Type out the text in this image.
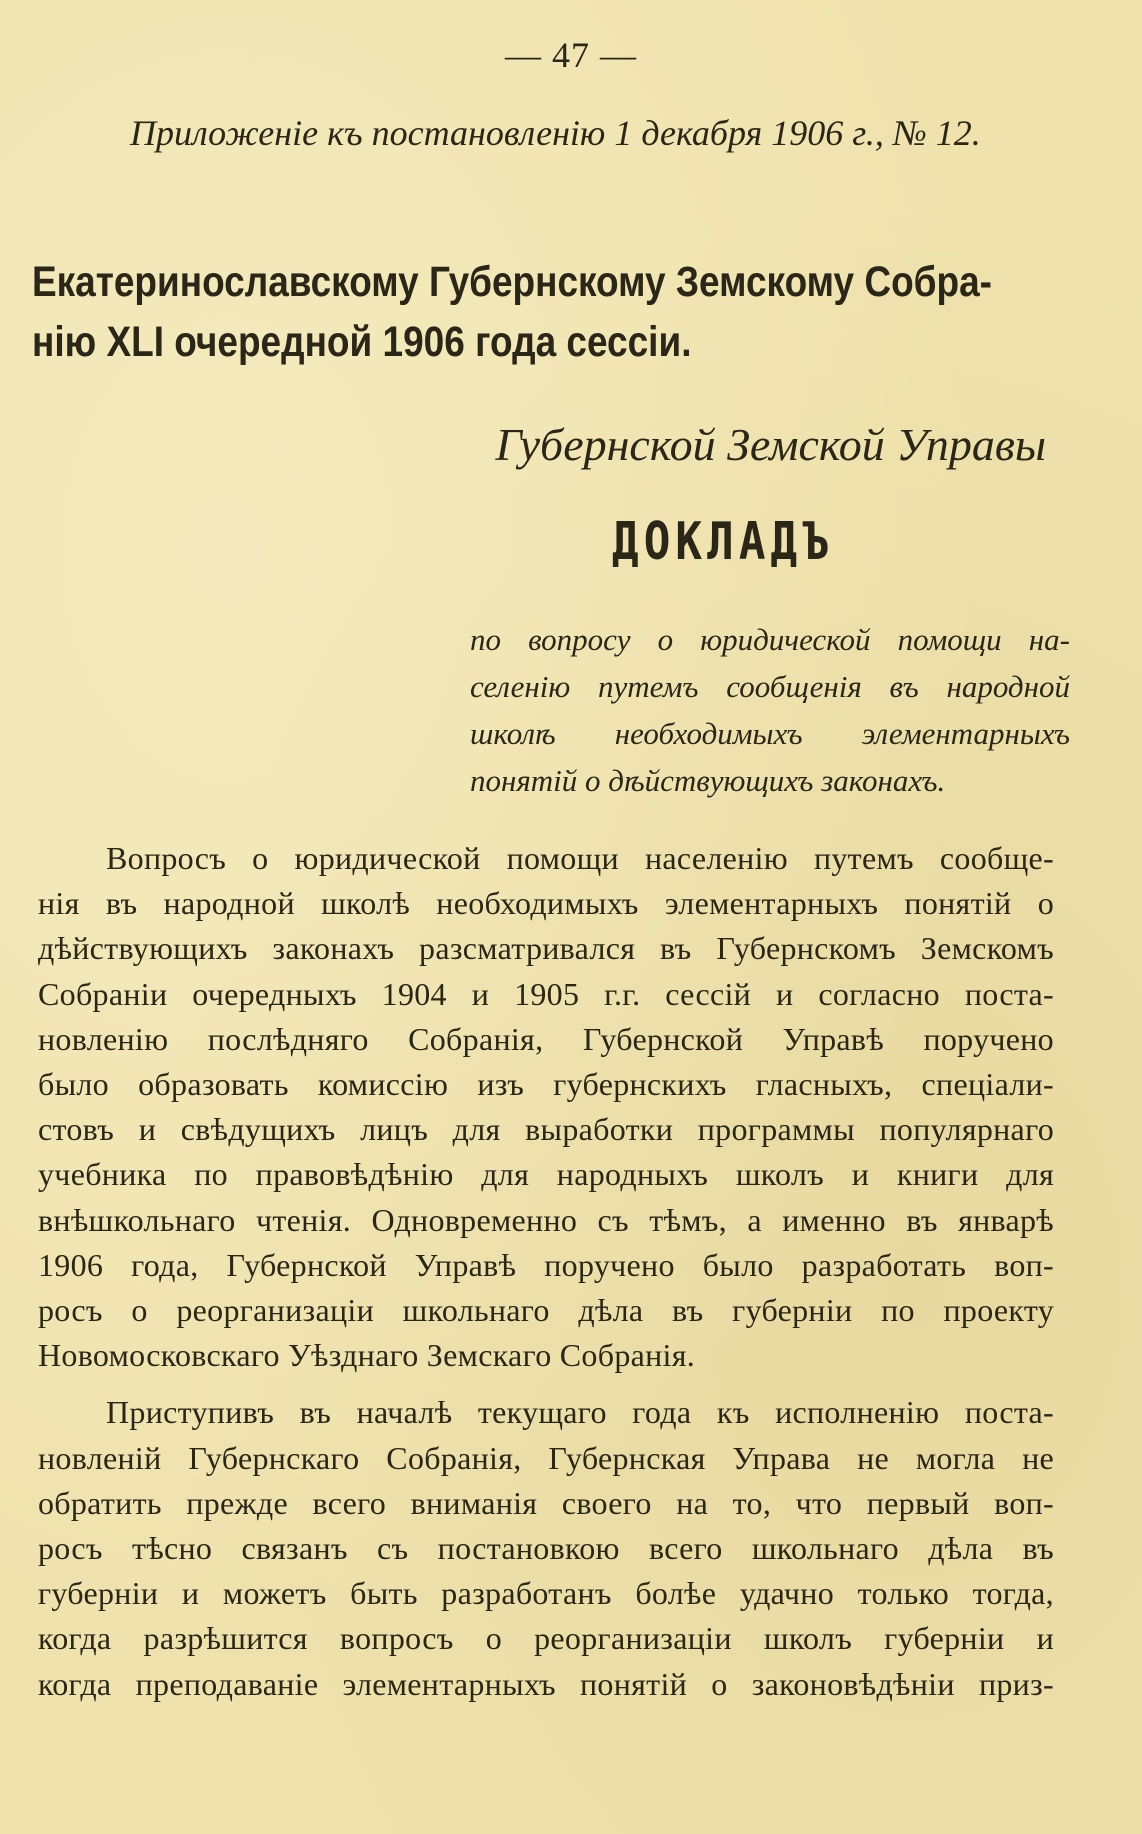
— 47 —
Приложеніе къ постановленію 1 декабря 1906 г., № 12.
Екатеринославскому Губернскому Земскому Собра-
нію XLI очередной 1906 года сессіи.
Губернской Земской Управы
ДОКЛАДЪ
по вопросу о юридической помощи на-
селенію путемъ сообщенія въ народной
школѣ необходимыхъ элементарныхъ
понятій о дѣйствующихъ законахъ.
Вопросъ о юридической помощи населенію путемъ сообще-
нія въ народной школѣ необходимыхъ элементарныхъ понятій о
дѣйствующихъ законахъ разсматривался въ Губернскомъ Земскомъ
Собраніи очередныхъ 1904 и 1905 г.г. сессій и согласно поста-
новленію послѣдняго Собранія, Губернской Управѣ поручено
было образовать комиссію изъ губернскихъ гласныхъ, спеціали-
стовъ и свѣдущихъ лицъ для выработки программы популярнаго
учебника по правовѣдѣнію для народныхъ школъ и книги для
внѣшкольнаго чтенія. Одновременно съ тѣмъ, а именно въ январѣ
1906 года, Губернской Управѣ поручено было разработать воп-
росъ о реорганизаціи школьнаго дѣла въ губерніи по проекту
Новомосковскаго Уѣзднаго Земскаго Собранія.
Приступивъ въ началѣ текущаго года къ исполненію поста-
новленій Губернскаго Собранія, Губернская Управа не могла не
обратить прежде всего вниманія своего на то, что первый воп-
росъ тѣсно связанъ съ постановкою всего школьнаго дѣла въ
губерніи и можетъ быть разработанъ болѣе удачно только тогда,
когда разрѣшится вопросъ о реорганизаціи школъ губерніи и
когда преподаваніе элементарныхъ понятій о законовѣдѣніи приз-
